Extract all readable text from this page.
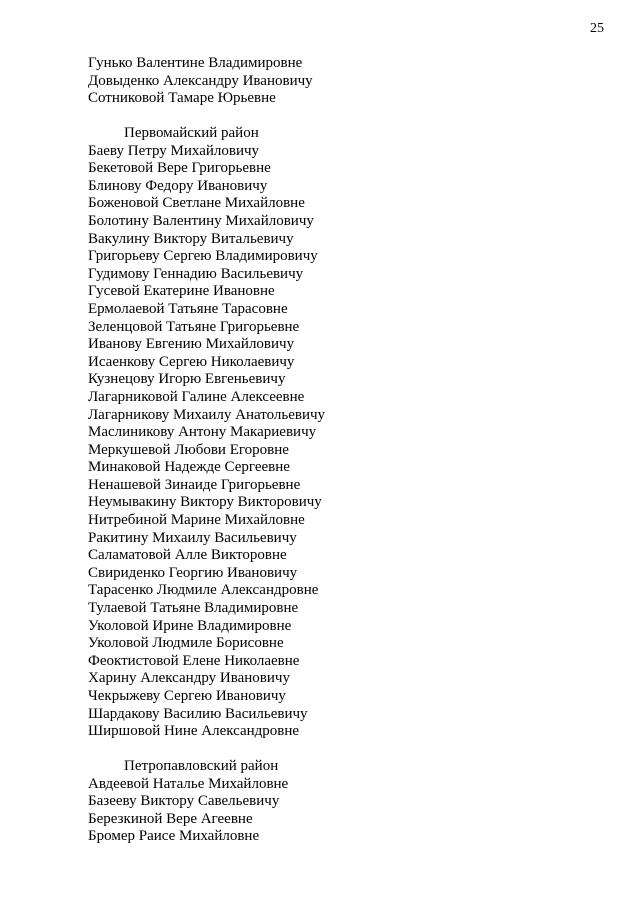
25
Гунько Валентине Владимировне
Довыденко Александру Ивановичу
Сотниковой Тамаре Юрьевне
Первомайский район
Баеву Петру Михайловичу
Бекетовой Вере Григорьевне
Блинову Федору Ивановичу
Боженовой Светлане Михайловне
Болотину Валентину Михайловичу
Вакулину Виктору Витальевичу
Григорьеву Сергею Владимировичу
Гудимову Геннадию Васильевичу
Гусевой Екатерине Ивановне
Ермолаевой Татьяне Тарасовне
Зеленцовой Татьяне Григорьевне
Иванову Евгению Михайловичу
Исаенкову Сергею Николаевичу
Кузнецову Игорю Евгеньевичу
Лагарниковой Галине Алексеевне
Лагарникову Михаилу Анатольевичу
Маслиникову Антону Макариевичу
Меркушевой Любови Егоровне
Минаковой Надежде Сергеевне
Ненашевой Зинаиде Григорьевне
Неумывакину Виктору Викторовичу
Нитребиной Марине Михайловне
Ракитину Михаилу Васильевичу
Саламатовой Алле Викторовне
Свириденко Георгию Ивановичу
Тарасенко Людмиле Александровне
Тулаевой Татьяне Владимировне
Уколовой Ирине Владимировне
Уколовой Людмиле Борисовне
Феоктистовой Елене Николаевне
Харину Александру Ивановичу
Чекрыжеву Сергею Ивановичу
Шардакову Василию Васильевичу
Ширшовой Нине Александровне
Петропавловский район
Авдеевой Наталье Михайловне
Базееву Виктору Савельевичу
Березкиной Вере Агеевне
Бромер Раисе Михайловне
